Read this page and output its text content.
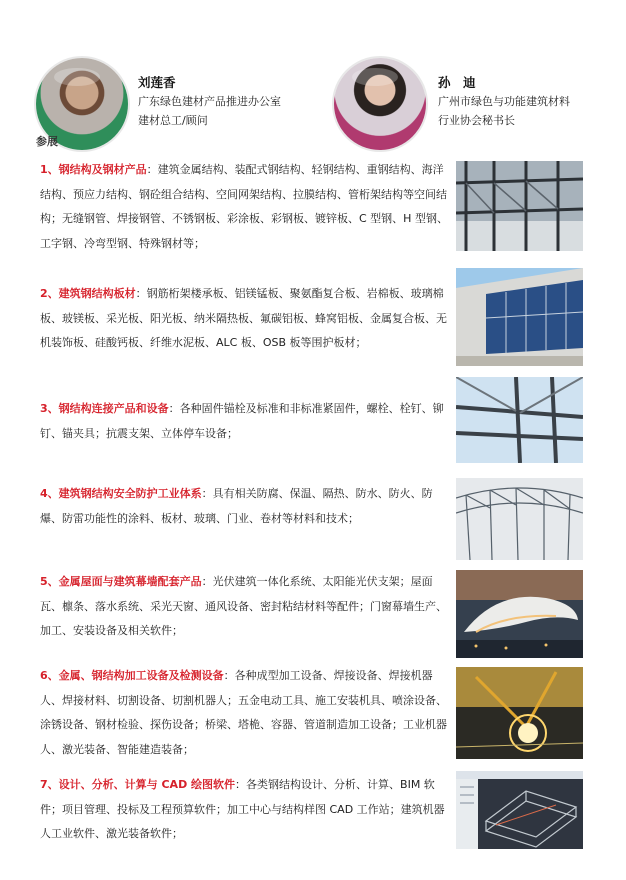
刘莲香
广东绿色建材产品推进办公室
建材总工/顾问
孙　迪
广州市绿色与功能建筑材料
行业协会秘书长
参展
1、钢结构及钢材产品：建筑金属结构、装配式钢结构、轻钢结构、重钢结构、海洋结构、预应力结构、钢砼组合结构、空间网架结构、拉膜结构、管桁架结构等空间结构；无缝钢管、焊接钢管、不锈钢板、彩涂板、彩钢板、镀锌板、C 型钢、H 型钢、工字钢、冷弯型钢、特殊钢材等；
2、建筑钢结构板材：钢筋桁架楼承板、铝镁锰板、聚氨酯复合板、岩棉板、玻璃棉板、玻镁板、采光板、阳光板、纳米隔热板、氟碳铝板、蜂窝铝板、金属复合板、无机装饰板、硅酸钙板、纤维水泥板、ALC 板、OSB 板等围护板材；
3、钢结构连接产品和设备：各种固件锚栓及标准和非标准紧固件，螺栓、栓钉、铆钉、锚夹具；抗震支架、立体停车设备；
4、建筑钢结构安全防护工业体系：具有相关防腐、保温、隔热、防水、防火、防爆、防雷功能性的涂料、板材、玻璃、门业、卷材等材料和技术；
5、金属屋面与建筑幕墙配套产品：光伏建筑一体化系统、太阳能光伏支架；屋面瓦、檩条、落水系统、采光天窗、通风设备、密封粘结材料等配件；门窗幕墙生产、加工、安装设备及相关软件；
6、金属、钢结构加工设备及检测设备：各种成型加工设备、焊接设备、焊接机器人、焊接材料、切割设备、切割机器人；五金电动工具、施工安装机具、喷涂设备、涂锈设备、钢材检验、探伤设备；桥梁、塔桅、容器、管道制造加工设备；工业机器人、激光装备、智能建造装备；
7、设计、分析、计算与 CAD 绘图软件：各类钢结构设计、分析、计算、BIM 软件；项目管理、投标及工程预算软件；加工中心与结构样图 CAD 工作站；建筑机器人工业软件、激光装备软件；
